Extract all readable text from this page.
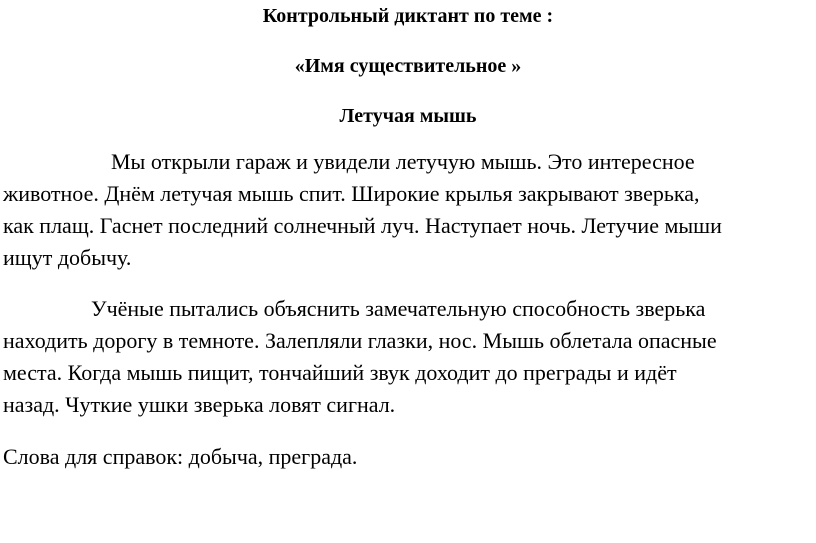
Контрольный диктант по теме :

«Имя существительное »

Летучая мышь

Мы открыли гараж и увидели летучую мышь. Это интересное
животное. Днём летучая мышь спит. Широкие крылья закрывают зверька,
как плащ. Гаснет последний солнечный луч. Наступает ночь. Летучие мыши
ищут добычу.

Учёные пытались объяснить замечательную способность зверька
находить дорогу в темноте. Залепляли глазки, нос. Мышь облетала опасные
места. Когда мышь пищит, тончайший звук доходит до преграды и идёт
назад. Чуткие ушки зверька ловят сигнал.

Слова для справок: добыча, преграда.
